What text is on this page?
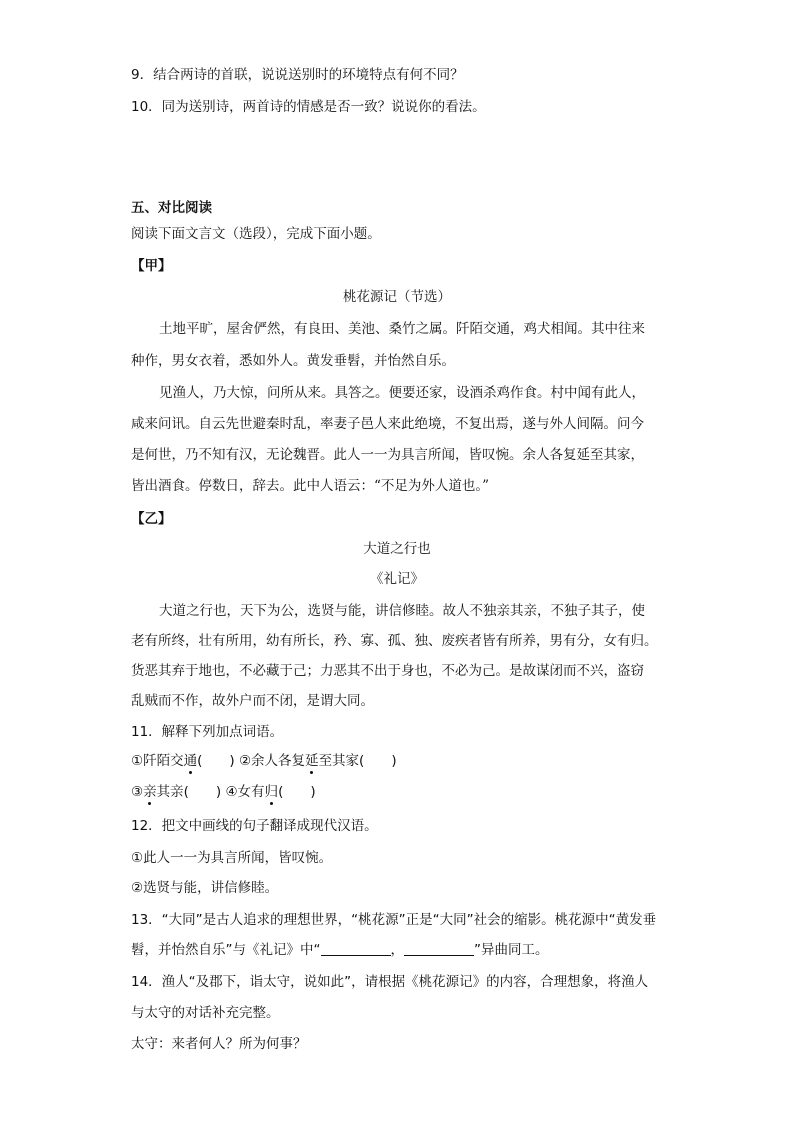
9．结合两诗的首联，说说送别时的环境特点有何不同？
10．同为送别诗，两首诗的情感是否一致？说说你的看法。
五、对比阅读
阅读下面文言文（选段），完成下面小题。
【甲】
桃花源记（节选）
土地平旷，屋舍俨然，有良田、美池、桑竹之属。阡陌交通，鸡犬相闻。其中往来
种作，男女衣着，悉如外人。黄发垂髫，并怡然自乐。
见渔人，乃大惊，问所从来。具答之。便要还家，设酒杀鸡作食。村中闻有此人，
咸来问讯。自云先世避秦时乱，率妻子邑人来此绝境，不复出焉，遂与外人间隔。问今
是何世，乃不知有汉，无论魏晋。此人一一为具言所闻，皆叹惋。余人各复延至其家，
皆出酒食。停数日，辞去。此中人语云：“不足为外人道也。”
【乙】
大道之行也
《礼记》
大道之行也，天下为公，选贤与能，讲信修睦。故人不独亲其亲，不独子其子，使
老有所终，壮有所用，幼有所长，矜、寡、孤、独、废疾者皆有所养，男有分，女有归。
货恶其弃于地也，不必藏于己；力恶其不出于身也，不必为己。是故谋闭而不兴，盗窃
乱贼而不作，故外户而不闭，是谓大同。
11．解释下列加点词语。
①阡陌交通(　　) ②余人各复延至其家(　　)
③亲其亲(　　) ④女有归(　　)
12．把文中画线的句子翻译成现代汉语。
①此人一一为具言所闻，皆叹惋。
②选贤与能，讲信修睦。
13．“大同”是古人追求的理想世界，“桃花源”正是“大同”社会的缩影。桃花源中“黄发垂
髫，并怡然自乐”与《礼记》中“	，	”异曲同工。
14．渔人“及郡下，诣太守，说如此”，请根据《桃花源记》的内容，合理想象，将渔人
与太守的对话补充完整。
太守：来者何人？所为何事？
